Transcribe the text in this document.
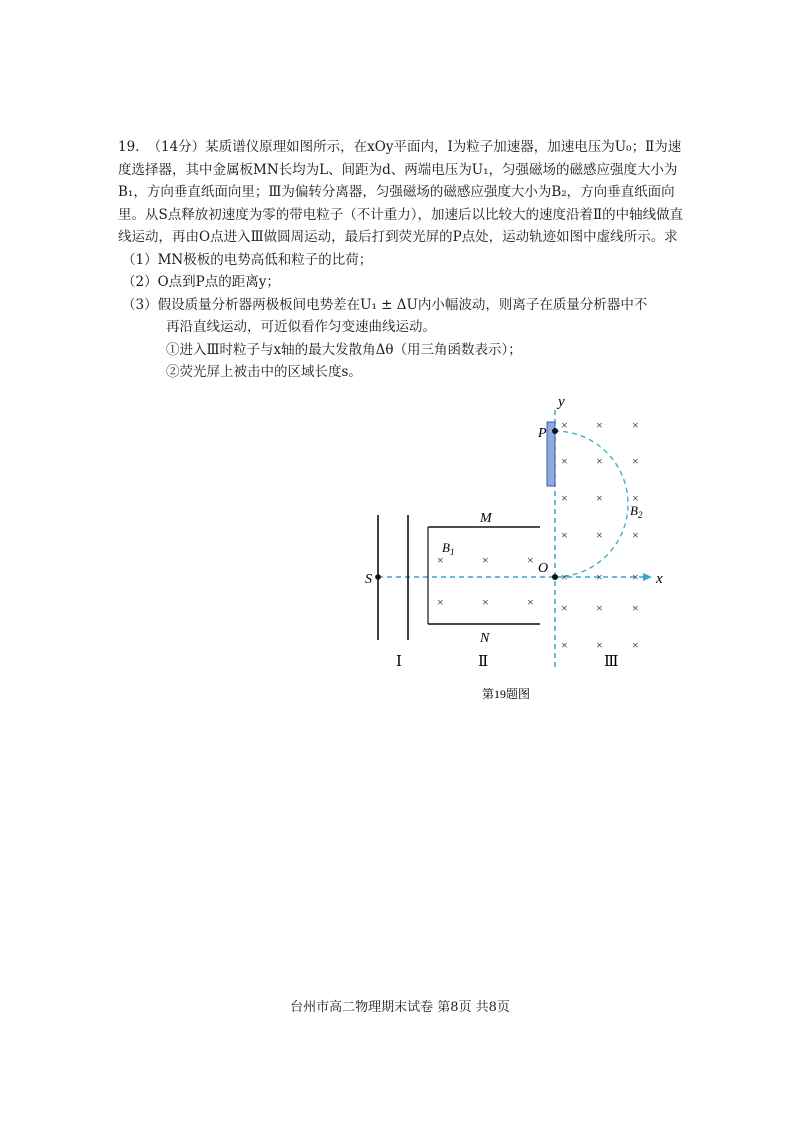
19. （14分）某质谱仪原理如图所示，在xOy平面内，Ⅰ为粒子加速器，加速电压为U₀；Ⅱ为速度选择器，其中金属板MN长均为L、间距为d、两端电压为U₁，匀强磁场的磁感应强度大小为B₁，方向垂直纸面向里；Ⅲ为偏转分离器，匀强磁场的磁感应强度大小为B₂，方向垂直纸面向里。从S点释放初速度为零的带电粒子（不计重力），加速后以比较大的速度沿着Ⅱ的中轴线做直线运动，再由O点进入Ⅲ做圆周运动，最后打到荧光屏的P点处，运动轨迹如图中虚线所示。求

（1）MN极板的电势高低和粒子的比荷；

（2）O点到P点的距离y；

（3）假设质量分析器两极板间电势差在U₁ ± ΔU内小幅波动，则离子在质量分析器中不

再沿直线运动，可近似看作匀变速曲线运动。

①进入Ⅲ时粒子与x轴的最大发散角Δθ（用三角函数表示）；

②荧光屏上被击中的区域长度s。

y
x
P
O
S
M
N
$B_1$
$B_2$
Ⅰ	Ⅱ	Ⅲ
×	×	×
×	×	×
× × ×
× × ×
× × ×
× × ×
× × ×
× × ×
× × ×
第19题图
台州市高二物理期末试卷 第8页 共8页
